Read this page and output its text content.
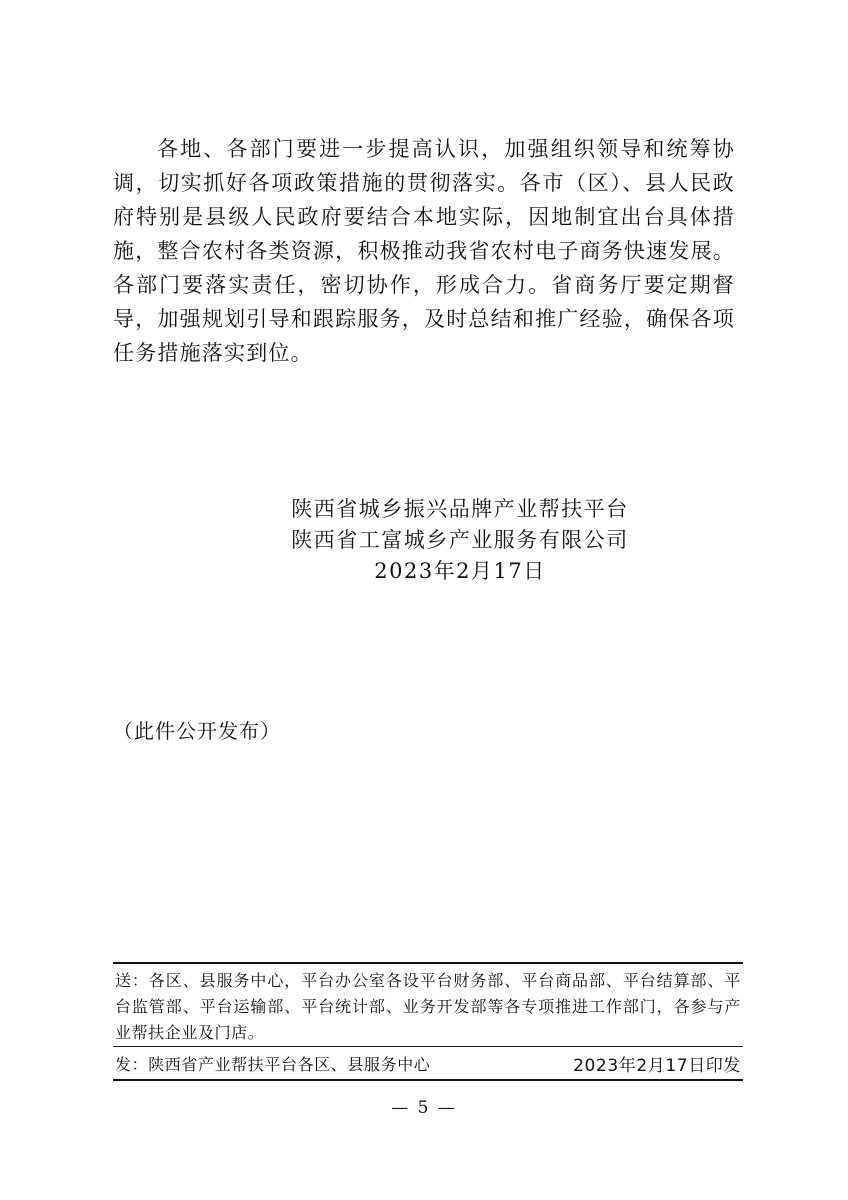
各地、各部门要进一步提高认识，加强组织领导和统筹协调，切实抓好各项政策措施的贯彻落实。各市（区）、县人民政府特别是县级人民政府要结合本地实际，因地制宜出台具体措施，整合农村各类资源，积极推动我省农村电子商务快速发展。各部门要落实责任，密切协作，形成合力。省商务厅要定期督导，加强规划引导和跟踪服务，及时总结和推广经验，确保各项任务措施落实到位。

陕西省城乡振兴品牌产业帮扶平台
陕西省工富城乡产业服务有限公司
2023年2月17日
（此件公开发布）

送：各区、县服务中心，平台办公室各设平台财务部、平台商品部、平台结算部、平台监管部、平台运输部、平台统计部、业务开发部等各专项推进工作部门，各参与产业帮扶企业及门店。

发：陕西省产业帮扶平台各区、县服务中心	2023年2月17日印发
— 5 —
